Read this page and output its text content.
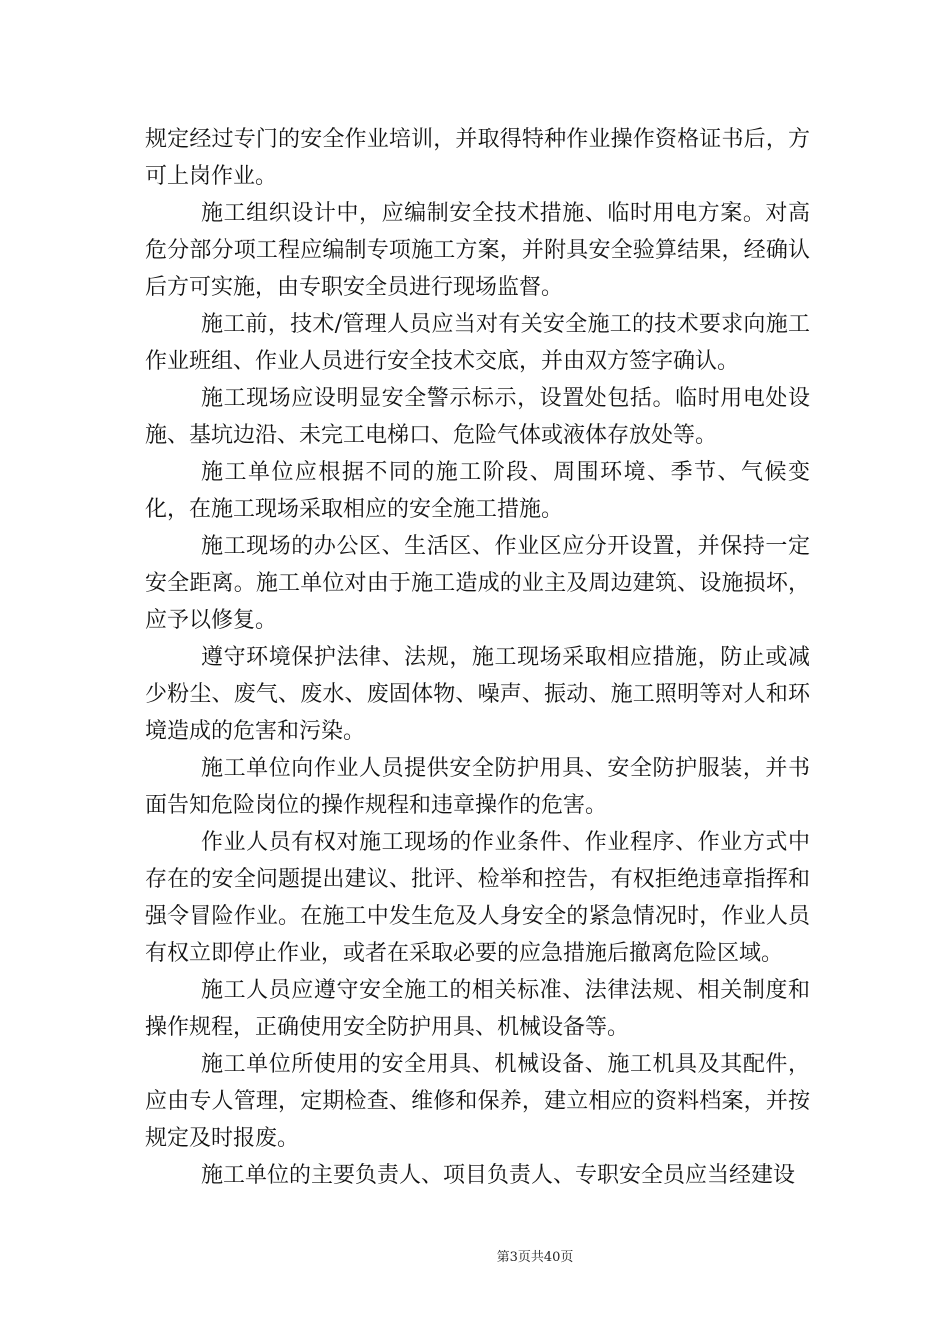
规定经过专门的安全作业培训，并取得特种作业操作资格证书后，方可上岗作业。

施工组织设计中，应编制安全技术措施、临时用电方案。对高危分部分项工程应编制专项施工方案，并附具安全验算结果，经确认后方可实施，由专职安全员进行现场监督。

施工前，技术/管理人员应当对有关安全施工的技术要求向施工作业班组、作业人员进行安全技术交底，并由双方签字确认。

施工现场应设明显安全警示标示，设置处包括。临时用电处设施、基坑边沿、未完工电梯口、危险气体或液体存放处等。

施工单位应根据不同的施工阶段、周围环境、季节、气候变化，在施工现场采取相应的安全施工措施。

施工现场的办公区、生活区、作业区应分开设置，并保持一定安全距离。施工单位对由于施工造成的业主及周边建筑、设施损坏，应予以修复。

遵守环境保护法律、法规，施工现场采取相应措施，防止或减少粉尘、废气、废水、废固体物、噪声、振动、施工照明等对人和环境造成的危害和污染。

施工单位向作业人员提供安全防护用具、安全防护服装，并书面告知危险岗位的操作规程和违章操作的危害。

作业人员有权对施工现场的作业条件、作业程序、作业方式中存在的安全问题提出建议、批评、检举和控告，有权拒绝违章指挥和强令冒险作业。在施工中发生危及人身安全的紧急情况时，作业人员有权立即停止作业，或者在采取必要的应急措施后撤离危险区域。

施工人员应遵守安全施工的相关标准、法律法规、相关制度和操作规程，正确使用安全防护用具、机械设备等。

施工单位所使用的安全用具、机械设备、施工机具及其配件，应由专人管理，定期检查、维修和保养，建立相应的资料档案，并按规定及时报废。

施工单位的主要负责人、项目负责人、专职安全员应当经建设

第3页共40页
